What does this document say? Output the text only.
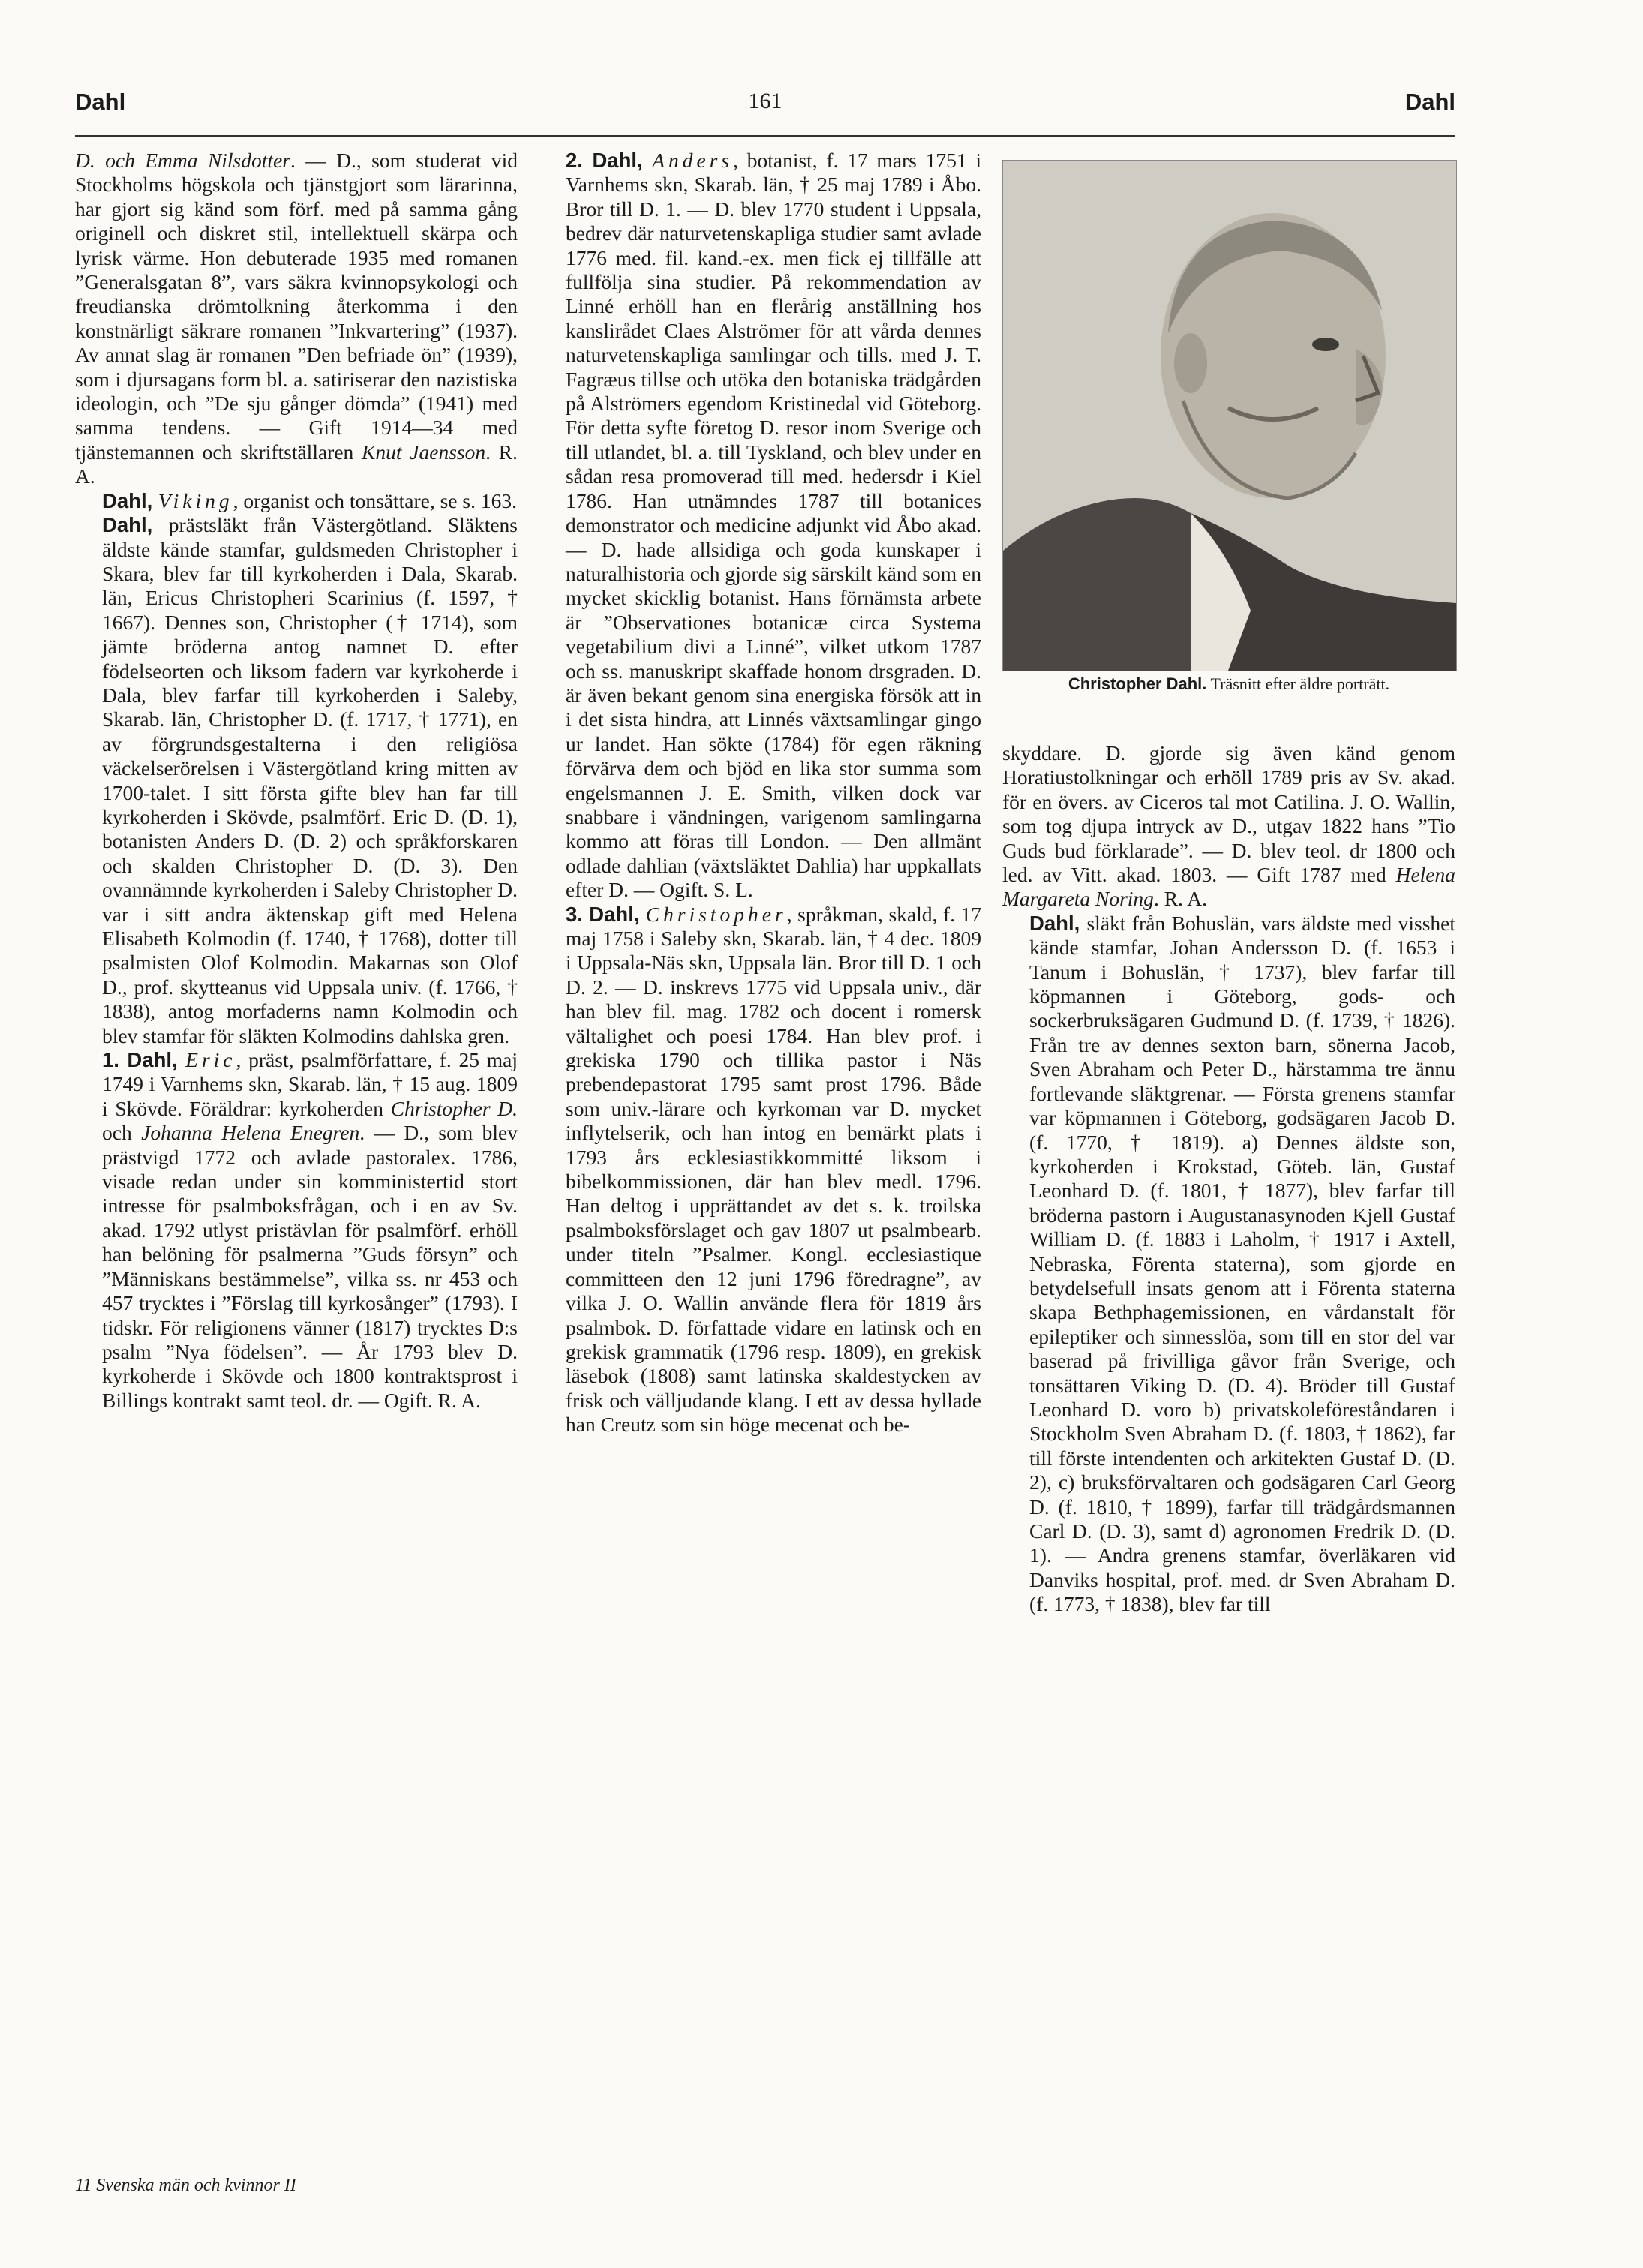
Dahl	161	Dahl

D. och Emma Nilsdotter. — D., som studerat vid Stockholms högskola och tjänstgjort som lärarinna, har gjort sig känd som förf. med på samma gång originell och diskret stil, intellektuell skärpa och lyrisk värme. Hon debuterade 1935 med romanen ”Generalsgatan 8”, vars säkra kvinnopsykologi och freudianska drömtolkning återkomma i den konstnärligt säkrare romanen ”Inkvartering” (1937). Av annat slag är romanen ”Den befriade ön” (1939), som i djursagans form bl. a. satiriserar den nazistiska ideologin, och ”De sju gånger dömda” (1941) med samma tendens. — Gift 1914—34 med tjänstemannen och skriftställaren Knut Jaensson. R. A.

Dahl, Viking, organist och tonsättare, se s. 163.

Dahl, prästsläkt från Västergötland. Släktens äldste kände stamfar, guldsmeden Christopher i Skara, blev far till kyrkoherden i Dala, Skarab. län, Ericus Christopheri Scarinius (f. 1597, † 1667). Dennes son, Christopher († 1714), som jämte bröderna antog namnet D. efter födelseorten och liksom fadern var kyrkoherde i Dala, blev farfar till kyrkoherden i Saleby, Skarab. län, Christopher D. (f. 1717, † 1771), en av förgrundsgestalterna i den religiösa väckelserörelsen i Västergötland kring mitten av 1700-talet. I sitt första gifte blev han far till kyrkoherden i Skövde, psalmförf. Eric D. (D. 1), botanisten Anders D. (D. 2) och språkforskaren och skalden Christopher D. (D. 3). Den ovannämnde kyrkoherden i Saleby Christopher D. var i sitt andra äktenskap gift med Helena Elisabeth Kolmodin (f. 1740, † 1768), dotter till psalmisten Olof Kolmodin. Makarnas son Olof D., prof. skytteanus vid Uppsala univ. (f. 1766, † 1838), antog morfaderns namn Kolmodin och blev stamfar för släkten Kolmodins dahlska gren.

1. Dahl, Eric, präst, psalmförfattare, f. 25 maj 1749 i Varnhems skn, Skarab. län, † 15 aug. 1809 i Skövde. Föräldrar: kyrkoherden Christopher D. och Johanna Helena Enegren. — D., som blev prästvigd 1772 och avlade pastoralex. 1786, visade redan under sin komministertid stort intresse för psalmboksfrågan, och i en av Sv. akad. 1792 utlyst pristävlan för psalmförf. erhöll han belöning för psalmerna ”Guds försyn” och ”Människans bestämmelse”, vilka ss. nr 453 och 457 trycktes i ”Förslag till kyrkosånger” (1793). I tidskr. För religionens vänner (1817) trycktes D:s psalm ”Nya födelsen”. — År 1793 blev D. kyrkoherde i Skövde och 1800 kontraktsprost i Billings kontrakt samt teol. dr. — Ogift. R. A.

2. Dahl, Anders, botanist, f. 17 mars 1751 i Varnhems skn, Skarab. län, † 25 maj 1789 i Åbo. Bror till D. 1. — D. blev 1770 student i Uppsala, bedrev där naturvetenskapliga studier samt avlade 1776 med. fil. kand.-ex. men fick ej tillfälle att fullfölja sina studier. På rekommendation av Linné erhöll han en flerårig anställning hos kanslirådet Claes Alströmer för att vårda dennes naturvetenskapliga samlingar och tills. med J. T. Fagræus tillse och utöka den botaniska trädgården på Alströmers egendom Kristinedal vid Göteborg. För detta syfte företog D. resor inom Sverige och till utlandet, bl. a. till Tyskland, och blev under en sådan resa promoverad till med. hedersdr i Kiel 1786. Han utnämndes 1787 till botanices demonstrator och medicine adjunkt vid Åbo akad. — D. hade allsidiga och goda kunskaper i naturalhistoria och gjorde sig särskilt känd som en mycket skicklig botanist. Hans förnämsta arbete är ”Observationes botanicæ circa Systema vegetabilium divi a Linné”, vilket utkom 1787 och ss. manuskript skaffade honom drsgraden. D. är även bekant genom sina energiska försök att in i det sista hindra, att Linnés växtsamlingar gingo ur landet. Han sökte (1784) för egen räkning förvärva dem och bjöd en lika stor summa som engelsmannen J. E. Smith, vilken dock var snabbare i vändningen, varigenom samlingarna kommo att föras till London. — Den allmänt odlade dahlian (växtsläktet Dahlia) har uppkallats efter D. — Ogift. S. L.

3. Dahl, Christopher, språkman, skald, f. 17 maj 1758 i Saleby skn, Skarab. län, † 4 dec. 1809 i Uppsala-Näs skn, Uppsala län. Bror till D. 1 och D. 2. — D. inskrevs 1775 vid Uppsala univ., där han blev fil. mag. 1782 och docent i romersk vältalighet och poesi 1784. Han blev prof. i grekiska 1790 och tillika pastor i Näs prebendepastorat 1795 samt prost 1796. Både som univ.-lärare och kyrkoman var D. mycket inflytelserik, och han intog en bemärkt plats i 1793 års ecklesiastikkommitté liksom i bibelkommissionen, där han blev medl. 1796. Han deltog i upprättandet av det s. k. troilska psalmboksförslaget och gav 1807 ut psalmbearb. under titeln ”Psalmer. Kongl. ecclesiastique committeen den 12 juni 1796 föredragne”, av vilka J. O. Wallin använde flera för 1819 års psalmbok. D. författade vidare en latinsk och en grekisk grammatik (1796 resp. 1809), en grekisk läsebok (1808) samt latinska skaldestycken av frisk och välljudande klang. I ett av dessa hyllade han Creutz som sin höge mecenat och be-

Christopher Dahl. Träsnitt efter äldre porträtt.

skyddare. D. gjorde sig även känd genom Horatiustolkningar och erhöll 1789 pris av Sv. akad. för en övers. av Ciceros tal mot Catilina. J. O. Wallin, som tog djupa intryck av D., utgav 1822 hans ”Tio Guds bud förklarade”. — D. blev teol. dr 1800 och led. av Vitt. akad. 1803. — Gift 1787 med Helena Margareta Noring. R. A.

Dahl, släkt från Bohuslän, vars äldste med visshet kände stamfar, Johan Andersson D. (f. 1653 i Tanum i Bohuslän, † 1737), blev farfar till köpmannen i Göteborg, gods- och sockerbruksägaren Gudmund D. (f. 1739, † 1826). Från tre av dennes sexton barn, sönerna Jacob, Sven Abraham och Peter D., härstamma tre ännu fortlevande släktgrenar. — Första grenens stamfar var köpmannen i Göteborg, godsägaren Jacob D. (f. 1770, † 1819). a) Dennes äldste son, kyrkoherden i Krokstad, Göteb. län, Gustaf Leonhard D. (f. 1801, † 1877), blev farfar till bröderna pastorn i Augustanasynoden Kjell Gustaf William D. (f. 1883 i Laholm, † 1917 i Axtell, Nebraska, Förenta staterna), som gjorde en betydelsefull insats genom att i Förenta staterna skapa Bethphagemissionen, en vårdanstalt för epileptiker och sinnesslöa, som till en stor del var baserad på frivilliga gåvor från Sverige, och tonsättaren Viking D. (D. 4). Bröder till Gustaf Leonhard D. voro b) privatskoleföreståndaren i Stockholm Sven Abraham D. (f. 1803, † 1862), far till förste intendenten och arkitekten Gustaf D. (D. 2), c) bruksförvaltaren och godsägaren Carl Georg D. (f. 1810, † 1899), farfar till trädgårdsmannen Carl D. (D. 3), samt d) agronomen Fredrik D. (D. 1). — Andra grenens stamfar, överläkaren vid Danviks hospital, prof. med. dr Sven Abraham D. (f. 1773, † 1838), blev far till

11 Svenska män och kvinnor II
